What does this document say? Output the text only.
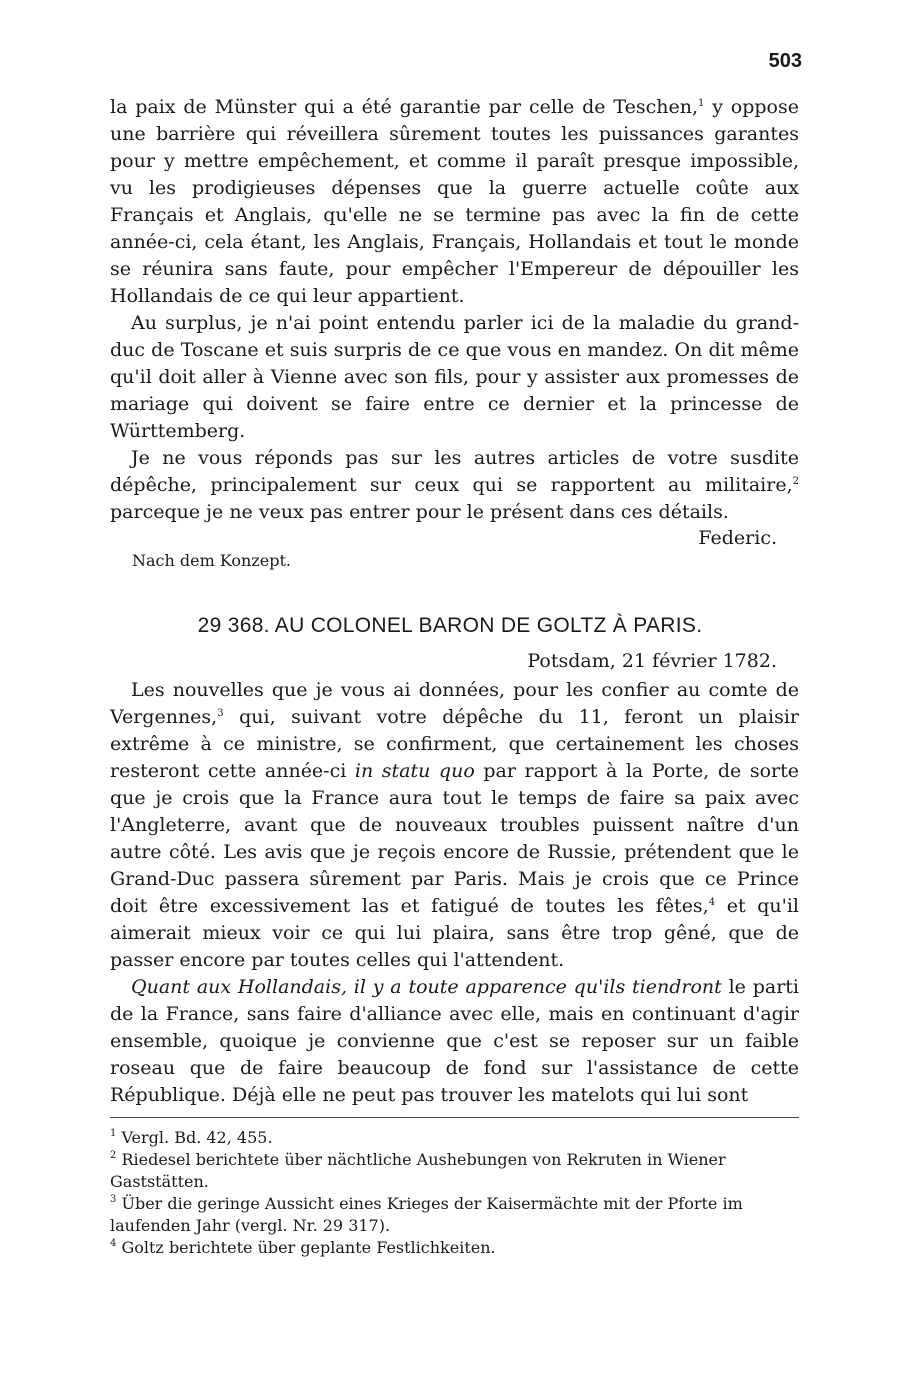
503

la paix de Münster qui a été garantie par celle de Teschen,$^1$ y oppose une barrière qui réveillera sûrement toutes les puissances garantes pour y mettre empêchement, et comme il paraît presque impossible, vu les prodigieuses dépenses que la guerre actuelle coûte aux Français et Anglais, qu'elle ne se termine pas avec la fin de cette année-ci, cela étant, les Anglais, Français, Hollandais et tout le monde se réunira sans faute, pour empêcher l'Empereur de dépouiller les Hollandais de ce qui leur appartient.

Au surplus, je n'ai point entendu parler ici de la maladie du grand-duc de Toscane et suis surpris de ce que vous en mandez. On dit même qu'il doit aller à Vienne avec son fils, pour y assister aux promesses de mariage qui doivent se faire entre ce dernier et la princesse de Württemberg.

Je ne vous réponds pas sur les autres articles de votre susdite dépêche, principalement sur ceux qui se rapportent au militaire,$^2$ parceque je ne veux pas entrer pour le présent dans ces détails.

Federic.
Nach dem Konzept.
29 368. AU COLONEL BARON DE GOLTZ À PARIS.
Potsdam, 21 février 1782.

Les nouvelles que je vous ai données, pour les confier au comte de Vergennes,$^3$ qui, suivant votre dépêche du 11, feront un plaisir extrême à ce ministre, se confirment, que certainement les choses resteront cette année-ci in statu quo par rapport à la Porte, de sorte que je crois que la France aura tout le temps de faire sa paix avec l'Angleterre, avant que de nouveaux troubles puissent naître d'un autre côté. Les avis que je reçois encore de Russie, prétendent que le Grand-Duc passera sûrement par Paris. Mais je crois que ce Prince doit être excessivement las et fatigué de toutes les fêtes,$^4$ et qu'il aimerait mieux voir ce qui lui plaira, sans être trop gêné, que de passer encore par toutes celles qui l'attendent.

Quant aux Hollandais, il y a toute apparence qu'ils tiendront le parti de la France, sans faire d'alliance avec elle, mais en continuant d'agir ensemble, quoique je convienne que c'est se reposer sur un faible roseau que de faire beaucoup de fond sur l'assistance de cette République. Déjà elle ne peut pas trouver les matelots qui lui sont

$^1$ Vergl. Bd. 42, 455.
$^2$ Riedesel berichtete über nächtliche Aushebungen von Rekruten in Wiener Gaststätten.
$^3$ Über die geringe Aussicht eines Krieges der Kaisermächte mit der Pforte im laufenden Jahr (vergl. Nr. 29 317).
$^4$ Goltz berichtete über geplante Festlichkeiten.
